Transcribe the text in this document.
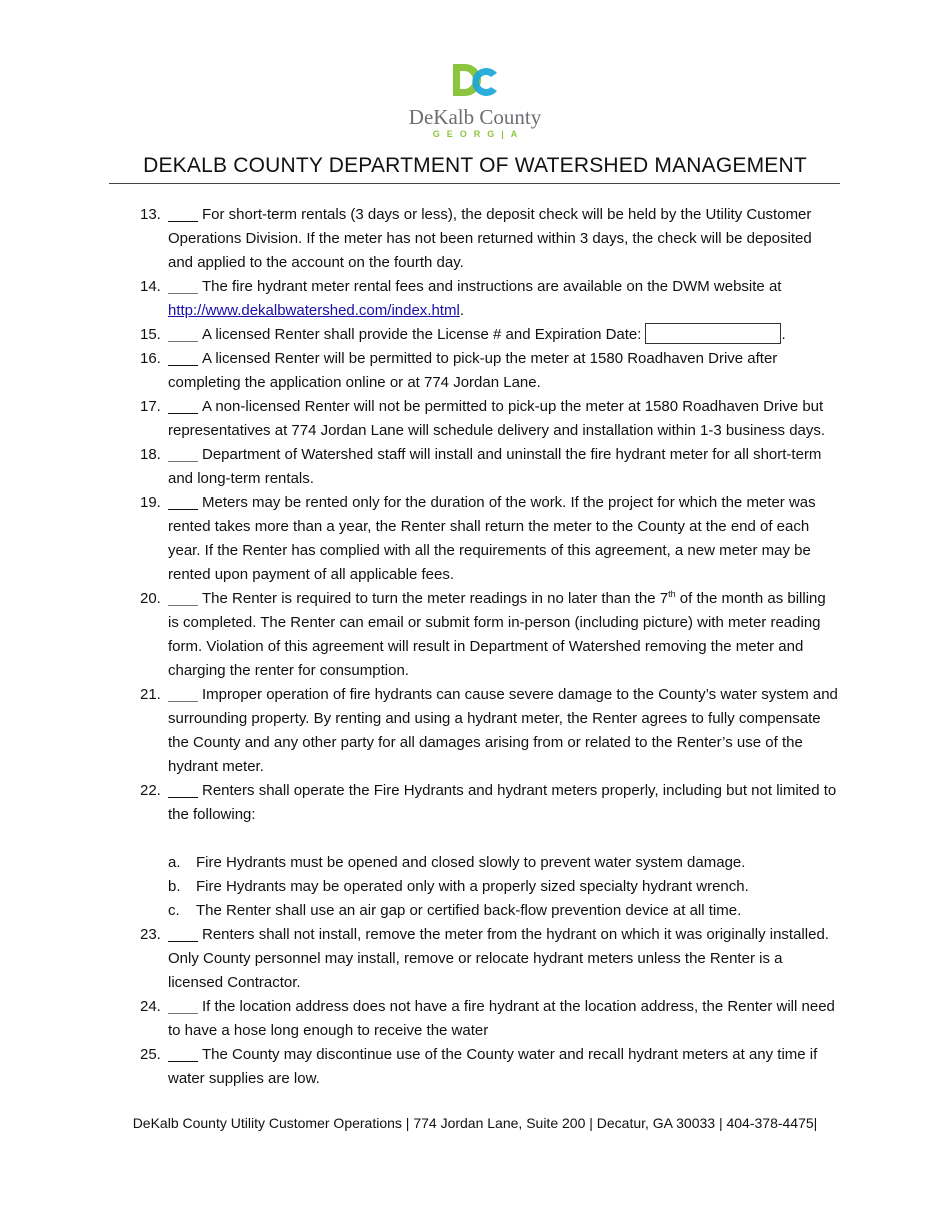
DeKalb County
GEORG|A
DEKALB COUNTY DEPARTMENT OF WATERSHED MANAGEMENT
13.	For short-term rentals (3 days or less), the deposit check will be held by the Utility Customer Operations Division. If the meter has not been returned within 3 days, the check will be deposited and applied to the account on the fourth day.
14.	The fire hydrant meter rental fees and instructions are available on the DWM website at http://www.dekalbwatershed.com/index.html.
15.	A licensed Renter shall provide the License # and Expiration Date:	.
16.	A licensed Renter will be permitted to pick-up the meter at 1580 Roadhaven Drive after completing the application online or at 774 Jordan Lane.
17.	A non-licensed Renter will not be permitted to pick-up the meter at 1580 Roadhaven Drive but representatives at 774 Jordan Lane will schedule delivery and installation within 1-3 business days.
18.	Department of Watershed staff will install and uninstall the fire hydrant meter for all short-term and long-term rentals.
19.	Meters may be rented only for the duration of the work. If the project for which the meter was rented takes more than a year, the Renter shall return the meter to the County at the end of each year. If the Renter has complied with all the requirements of this agreement, a new meter may be rented upon payment of all applicable fees.
20.	The Renter is required to turn the meter readings in no later than the 7th of the month as billing is completed. The Renter can email or submit form in-person (including picture) with meter reading form. Violation of this agreement will result in Department of Watershed removing the meter and charging the renter for consumption.
21.	Improper operation of fire hydrants can cause severe damage to the County’s water system and surrounding property. By renting and using a hydrant meter, the Renter agrees to fully compensate the County and any other party for all damages arising from or related to the Renter’s use of the hydrant meter.
22.	Renters shall operate the Fire Hydrants and hydrant meters properly, including but not limited to the following:
a. Fire Hydrants must be opened and closed slowly to prevent water system damage.
b. Fire Hydrants may be operated only with a properly sized specialty hydrant wrench.
c. The Renter shall use an air gap or certified back-flow prevention device at all time.
23.	Renters shall not install, remove the meter from the hydrant on which it was originally installed. Only County personnel may install, remove or relocate hydrant meters unless the Renter is a licensed Contractor.
24.	If the location address does not have a fire hydrant at the location address, the Renter will need to have a hose long enough to receive the water
25.	The County may discontinue use of the County water and recall hydrant meters at any time if water supplies are low.
DeKalb County Utility Customer Operations | 774 Jordan Lane, Suite 200 | Decatur, GA 30033 | 404-378-4475|
